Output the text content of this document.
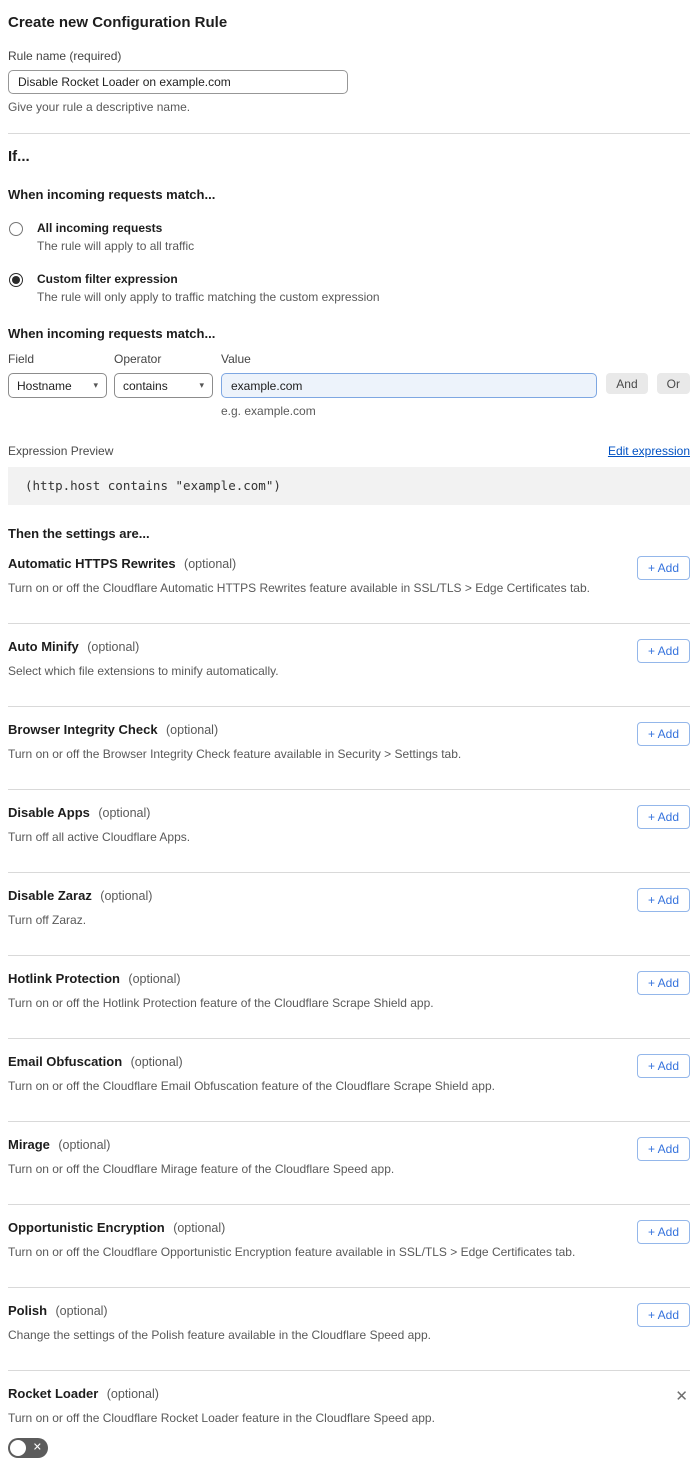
Create new Configuration Rule
Rule name (required)
Disable Rocket Loader on example.com
Give your rule a descriptive name.
If...
When incoming requests match...
All incoming requests
The rule will apply to all traffic
Custom filter expression
The rule will only apply to traffic matching the custom expression
When incoming requests match...
Field
Hostname ▾
Operator
contains	▾
Value
example.com
e.g. example.com
And	Or
Expression Preview	Edit expression
(http.host contains "example.com")
Then the settings are...
Automatic HTTPS Rewrites (optional)
Turn on or off the Cloudflare Automatic HTTPS Rewrites feature available in SSL/TLS > Edge Certificates tab.
+ Add
Auto Minify (optional)
Select which file extensions to minify automatically.
+ Add
Browser Integrity Check (optional)
Turn on or off the Browser Integrity Check feature available in Security > Settings tab.
+ Add
Disable Apps (optional)
Turn off all active Cloudflare Apps.
+ Add
Disable Zaraz (optional)
Turn off Zaraz.
+ Add
Hotlink Protection (optional)
Turn on or off the Hotlink Protection feature of the Cloudflare Scrape Shield app.
+ Add
Email Obfuscation (optional)
Turn on or off the Cloudflare Email Obfuscation feature of the Cloudflare Scrape Shield app.
+ Add
Mirage (optional)
Turn on or off the Cloudflare Mirage feature of the Cloudflare Speed app.
+ Add
Opportunistic Encryption (optional)
Turn on or off the Cloudflare Opportunistic Encryption feature available in SSL/TLS > Edge Certificates tab.
+ Add
Polish (optional)
Change the settings of the Polish feature available in the Cloudflare Speed app.
+ Add
Rocket Loader (optional)
Turn on or off the Cloudflare Rocket Loader feature in the Cloudflare Speed app.
✕
✕
